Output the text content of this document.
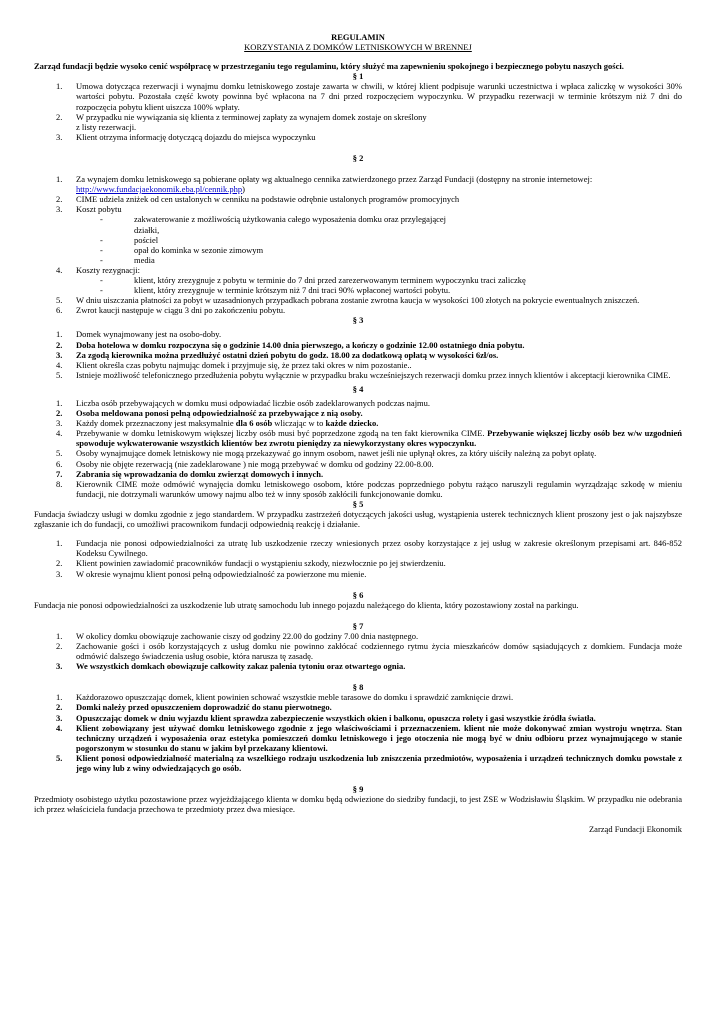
REGULAMIN
KORZYSTANIA Z DOMKÓW LETNISKOWYCH W BRENNEJ
Zarząd fundacji będzie wysoko cenić współpracę w przestrzeganiu tego regulaminu, który służyć ma zapewnieniu spokojnego i bezpiecznego pobytu naszych gości.
§ 1
1.	Umowa dotycząca rezerwacji i wynajmu domku letniskowego zostaje zawarta w chwili, w której klient podpisuje warunki uczestnictwa i wpłaca zaliczkę w wysokości 30% wartości pobytu. Pozostała część kwoty powinna być wpłacona na 7 dni przed rozpoczęciem wypoczynku. W przypadku rezerwacji w terminie krótszym niż 7 dni do rozpoczęcia pobytu klient uiszcza 100% wpłaty.
2.	W przypadku nie wywiązania się klienta z terminowej zapłaty za wynajem domek zostaje on skreślony
z listy rezerwacji.
3.	Klient otrzyma informację dotyczącą dojazdu do miejsca wypoczynku
§ 2
1.	Za wynajem domku letniskowego są pobierane opłaty wg aktualnego cennika zatwierdzonego przez Zarząd Fundacji (dostępny na stronie internetowej:
http://www.fundacjaekonomik.eba.pl/cennik.php)
2.	CIME udziela zniżek od cen ustalonych w cenniku na podstawie odrębnie ustalonych programów promocyjnych
3.	Koszt pobytu
-	zakwaterowanie z możliwością użytkowania całego wyposażenia domku oraz przylegającej
działki,
-	pościel
-	opał do kominka w sezonie zimowym
-	media
4.	Koszty rezygnacji:
-	klient, który zrezygnuje z pobytu w terminie do 7 dni przed zarezerwowanym terminem wypoczynku traci zaliczkę
-	klient, który zrezygnuje w terminie krótszym niż 7 dni traci 90% wpłaconej wartości pobytu.
5.	W dniu uiszczania płatności za pobyt w uzasadnionych przypadkach pobrana zostanie zwrotna kaucja w wysokości 100 złotych na pokrycie ewentualnych zniszczeń.
6.	Zwrot kaucji następuje w ciągu 3 dni po zakończeniu pobytu.
§ 3
1.	Domek wynajmowany jest na osobo-doby.
2.	Doba hotelowa w domku rozpoczyna się o godzinie 14.00 dnia pierwszego, a kończy o godzinie 12.00 ostatniego dnia pobytu.
3.	Za zgodą kierownika można przedłużyć ostatni dzień pobytu do godz. 18.00 za dodatkową opłatą w wysokości 6zł/os.
4.	Klient określa czas pobytu najmując domek i przyjmuje się, że przez taki okres w nim pozostanie..
5.	Istnieje możliwość telefonicznego przedłużenia pobytu wyłącznie w przypadku braku wcześniejszych rezerwacji domku przez innych klientów i akceptacji kierownika CIME.
§ 4
1.	Liczba osób przebywających w domku musi odpowiadać liczbie osób zadeklarowanych podczas najmu.
2.	Osoba meldowana ponosi pełną odpowiedzialność za przebywające z nią osoby.
3.	Każdy domek przeznaczony jest maksymalnie dla 6 osób wliczając w to każde dziecko.
4.	Przebywanie w domku letniskowym większej liczby osób musi być poprzedzone zgodą na ten fakt kierownika CIME. Przebywanie większej liczby osób bez w/w uzgodnień spowoduje wykwaterowanie wszystkich klientów bez zwrotu pieniędzy za niewykorzystany okres wypoczynku.
5.	Osoby wynajmujące domek letniskowy nie mogą przekazywać go innym osobom, nawet jeśli nie upłynął okres, za który uiściły należną za pobyt opłatę.
6.	Osoby nie objęte rezerwacją (nie zadeklarowane ) nie mogą przebywać w domku od godziny 22.00-8.00.
7.	Zabrania się wprowadzania do domku zwierząt domowych i innych.
8.	Kierownik CIME może odmówić wynajęcia domku letniskowego osobom, które podczas poprzedniego pobytu rażąco naruszyli regulamin wyrządzając szkodę w mieniu fundacji, nie dotrzymali warunków umowy najmu albo też w inny sposób zakłócili funkcjonowanie domku.
§ 5
Fundacja świadczy usługi w domku zgodnie z jego standardem. W przypadku zastrzeżeń dotyczących jakości usług, wystąpienia usterek technicznych klient proszony jest o jak najszybsze zgłaszanie ich do fundacji, co umożliwi pracownikom fundacji odpowiednią reakcję i działanie.
1.	Fundacja nie ponosi odpowiedzialności za utratę lub uszkodzenie rzeczy wniesionych przez osoby korzystające z jej usług w zakresie określonym przepisami art. 846-852 Kodeksu Cywilnego.
2.	Klient powinien zawiadomić pracowników fundacji o wystąpieniu szkody, niezwłocznie po jej stwierdzeniu.
3.	W okresie wynajmu klient ponosi pełną odpowiedzialność za powierzone mu mienie.
§ 6
Fundacja nie ponosi odpowiedzialności za uszkodzenie lub utratę samochodu lub innego pojazdu należącego do klienta, który pozostawiony został na parkingu.
§ 7
1.	W okolicy domku obowiązuje zachowanie ciszy od godziny 22.00 do godziny 7.00 dnia następnego.
2.	Zachowanie gości i osób korzystających z usług domku nie powinno zakłócać codziennego rytmu życia mieszkańców domów sąsiadujących z domkiem. Fundacja może odmówić dalszego świadczenia usług osobie, która narusza tę zasadę.
3.	We wszystkich domkach obowiązuje całkowity zakaz palenia tytoniu oraz otwartego ognia.
§ 8
1.	Każdorazowo opuszczając domek, klient powinien schować wszystkie meble tarasowe do domku i sprawdzić zamknięcie drzwi.
2.	Domki należy przed opuszczeniem doprowadzić do stanu pierwotnego.
3.	Opuszczając domek w dniu wyjazdu klient sprawdza zabezpieczenie wszystkich okien i balkonu, opuszcza rolety i gasi wszystkie źródła światła.
4.	Klient zobowiązany jest używać domku letniskowego zgodnie z jego właściwościami i przeznaczeniem. klient nie może dokonywać zmian wystroju wnętrza. Stan techniczny urządzeń i wyposażenia oraz estetyka pomieszczeń domku letniskowego i jego otoczenia nie mogą być w dniu odbioru przez wynajmującego w stanie pogorszonym w stosunku do stanu w jakim był przekazany klientowi.
5.	Klient ponosi odpowiedzialność materialną za wszelkiego rodzaju uszkodzenia lub zniszczenia przedmiotów, wyposażenia i urządzeń technicznych domku powstałe z jego winy lub z winy odwiedzających go osób.
§ 9
Przedmioty osobistego użytku pozostawione przez wyjeżdżającego klienta w domku będą odwiezione do siedziby fundacji, to jest ZSE w Wodzisławiu Śląskim. W przypadku nie odebrania ich przez właściciela fundacja przechowa te przedmioty przez dwa miesiące.
Zarząd Fundacji Ekonomik
